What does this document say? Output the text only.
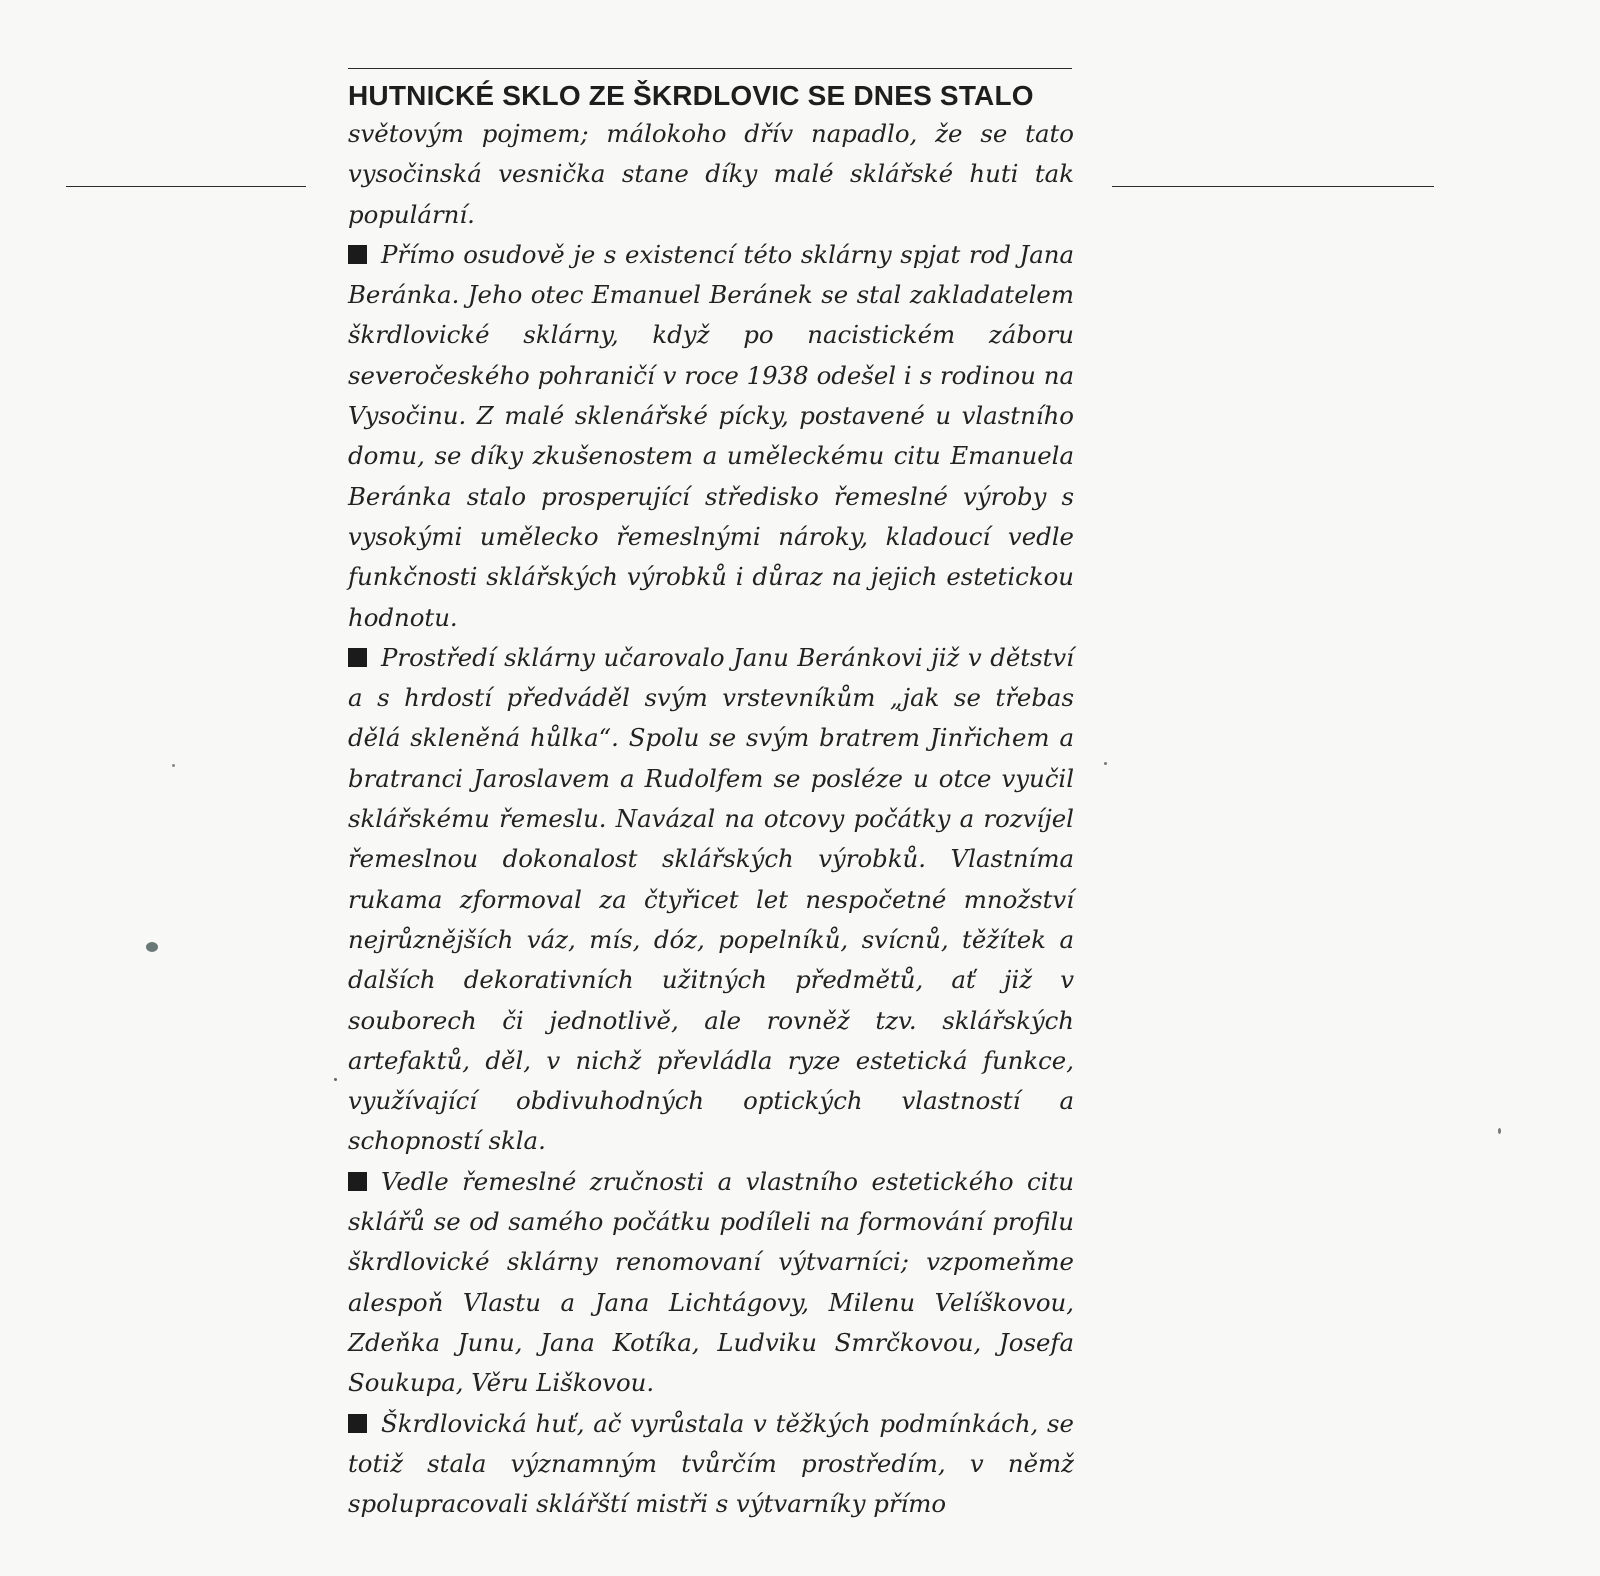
HUTNICKÉ SKLO ZE ŠKRDLOVIC SE DNES STALO

světovým pojmem; málokoho dřív napadlo, že se tato vysočinská vesnička stane díky malé sklářské huti tak populární.

Přímo osudově je s existencí této sklárny spjat rod Jana Beránka. Jeho otec Emanuel Beránek se stal zakladatelem škrdlovické sklárny, když po nacistickém záboru severočeského pohraničí v roce 1938 odešel i s rodinou na Vysočinu. Z malé sklenářské pícky, postavené u vlastního domu, se díky zkušenostem a uměleckému citu Emanuela Beránka stalo prosperující středisko řemeslné výroby s vysokými umělecko řemeslnými nároky, kladoucí vedle funkčnosti sklářských výrobků i důraz na jejich estetickou hodnotu.

Prostředí sklárny učarovalo Janu Beránkovi již v dětství a s hrdostí předváděl svým vrstevníkům „jak se třebas dělá skleněná hůlka“. Spolu se svým bratrem Jinřichem a bratranci Jaroslavem a Rudolfem se posléze u otce vyučil sklářskému řemeslu. Navázal na otcovy počátky a rozvíjel řemeslnou dokonalost sklářských výrobků. Vlastníma rukama zformoval za čtyřicet let nespočetné množství nejrůznějších váz, mís, dóz, popelníků, svícnů, těžítek a dalších dekorativních užitných předmětů, ať již v souborech či jednotlivě, ale rovněž tzv. sklářských artefaktů, děl, v nichž převládla ryze estetická funkce, využívající obdivuhodných optických vlastností a schopností skla.

Vedle řemeslné zručnosti a vlastního estetického citu sklářů se od samého počátku podíleli na formování profilu škrdlovické sklárny renomovaní výtvarníci; vzpomeňme alespoň Vlastu a Jana Lichtágovy, Milenu Velíškovou, Zdeňka Junu, Jana Kotíka, Ludviku Smrčkovou, Josefa Soukupa, Věru Liškovou.

Škrdlovická huť, ač vyrůstala v těžkých podmínkách, se totiž stala významným tvůrčím prostředím, v němž spolupracovali sklářští mistři s výtvarníky přímo
